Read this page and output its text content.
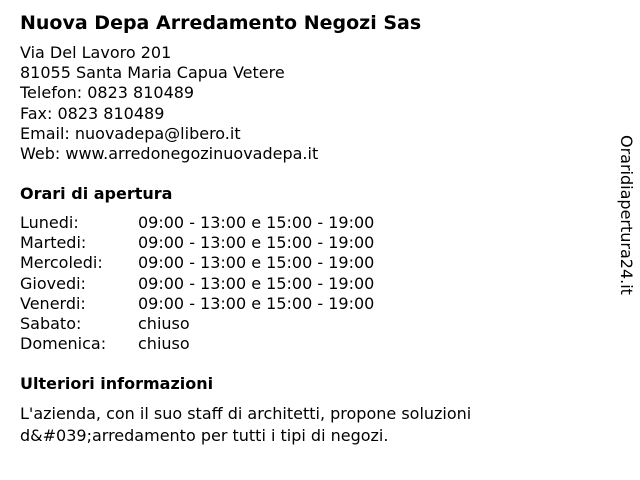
Nuova Depa Arredamento Negozi Sas
Via Del Lavoro 201
81055 Santa Maria Capua Vetere
Telefon: 0823 810489
Fax: 0823 810489
Email: nuovadepa@libero.it
Web: www.arredonegozinuovadepa.it
Orari di apertura
Lunedi:	09:00 - 13:00 e 15:00 - 19:00
Martedi:	09:00 - 13:00 e 15:00 - 19:00
Mercoledi: 09:00 - 13:00 e 15:00 - 19:00
Giovedi:	09:00 - 13:00 e 15:00 - 19:00
Venerdi:	09:00 - 13:00 e 15:00 - 19:00
Sabato:	chiuso
Domenica: chiuso
Ulteriori informazioni
L'azienda, con il suo staff di architetti, propone soluzioni d&#039;arredamento per tutti i tipi di negozi.
Oraridiapertura24.it
